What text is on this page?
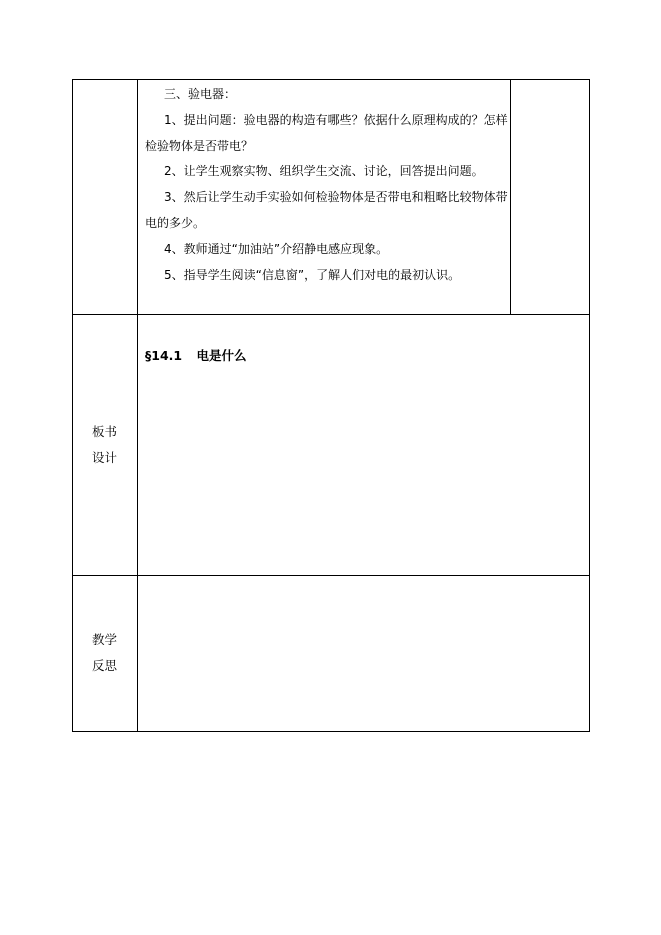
三、验电器：
1、提出问题：验电器的构造有哪些？依据什么原理构成的？怎样
检验物体是否带电？
2、让学生观察实物、组织学生交流、讨论，回答提出问题。
3、然后让学生动手实验如何检验物体是否带电和粗略比较物体带
电的多少。
4、教师通过“加油站”介绍静电感应现象。
5、指导学生阅读“信息窗”，了解人们对电的最初认识。
板书
设计
§14.1 电是什么
教学
反思
